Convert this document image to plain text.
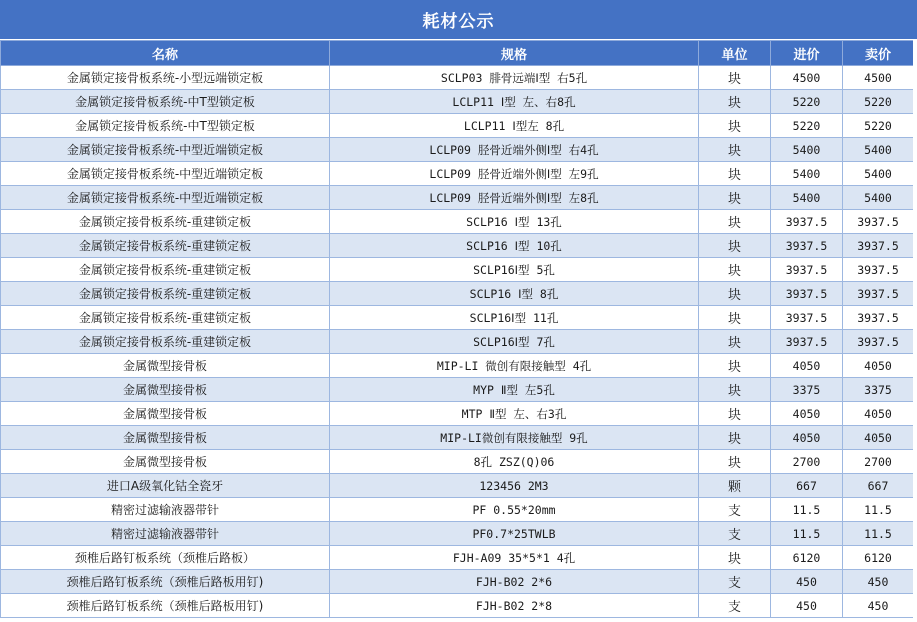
耗材公示
名称	规格	单位	进价	卖价
金属锁定接骨板系统-小型远端锁定板	SCLP03 腓骨远端Ⅰ型 右5孔	块	4500	4500
金属锁定接骨板系统-中T型锁定板	LCLP11 Ⅰ型 左、右8孔	块	5220	5220
金属锁定接骨板系统-中T型锁定板	LCLP11 Ⅰ型左 8孔	块	5220	5220
金属锁定接骨板系统-中型近端锁定板	LCLP09 胫骨近端外侧Ⅰ型 右4孔	块	5400	5400
金属锁定接骨板系统-中型近端锁定板	LCLP09 胫骨近端外侧Ⅰ型 左9孔	块	5400	5400
金属锁定接骨板系统-中型近端锁定板	LCLP09 胫骨近端外侧Ⅰ型 左8孔	块	5400	5400
金属锁定接骨板系统-重建锁定板	SCLP16 Ⅰ型 13孔	块	3937.5	3937.5
金属锁定接骨板系统-重建锁定板	SCLP16 Ⅰ型 10孔	块	3937.5	3937.5
金属锁定接骨板系统-重建锁定板	SCLP16Ⅰ型 5孔	块	3937.5	3937.5
金属锁定接骨板系统-重建锁定板	SCLP16 Ⅰ型 8孔	块	3937.5	3937.5
金属锁定接骨板系统-重建锁定板	SCLP16Ⅰ型 11孔	块	3937.5	3937.5
金属锁定接骨板系统-重建锁定板	SCLP16Ⅰ型 7孔	块	3937.5	3937.5
金属微型接骨板	MIP-LI 微创有限接触型 4孔	块	4050	4050
金属微型接骨板	MYP Ⅱ型 左5孔	块	3375	3375
金属微型接骨板	MTP Ⅱ型 左、右3孔	块	4050	4050
金属微型接骨板	MIP-LI微创有限接触型 9孔	块	4050	4050
金属微型接骨板	8孔 ZSZ(Q)06	块	2700	2700
进口A级氧化钴全瓷牙	123456 2M3	颗	667	667
精密过滤输液器带针	PF 0.55*20mm	支	11.5	11.5
精密过滤输液器带针	PF0.7*25TWLB	支	11.5	11.5
颈椎后路钉板系统（颈椎后路板）	FJH-A09 35*5*1 4孔	块	6120	6120
颈椎后路钉板系统（颈椎后路板用钉)	FJH-B02 2*6	支	450	450
颈椎后路钉板系统（颈椎后路板用钉)	FJH-B02 2*8	支	450	450
